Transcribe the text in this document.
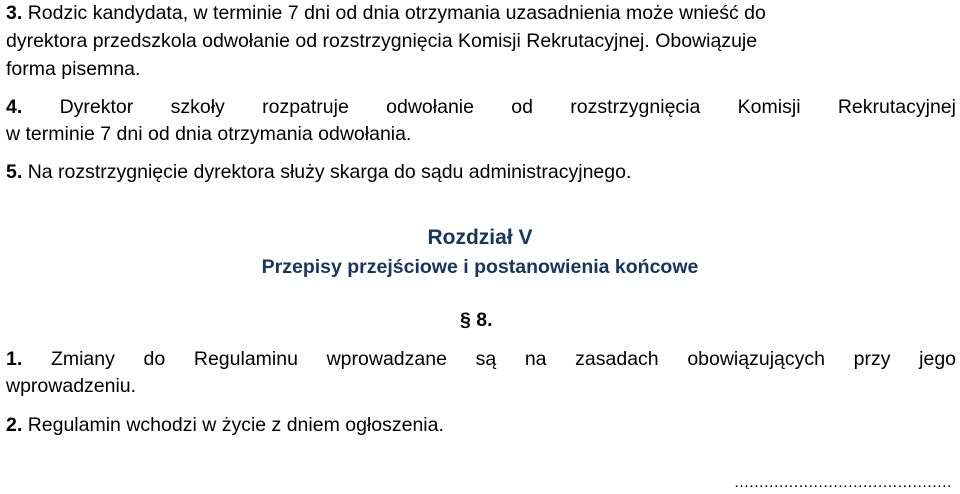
3. Rodzic kandydata, w terminie 7 dni od dnia otrzymania uzasadnienia może wnieść do
dyrektora przedszkola odwołanie od rozstrzygnięcia Komisji Rekrutacyjnej. Obowiązuje
forma pisemna.
4. Dyrektor szkoły rozpatruje odwołanie od rozstrzygnięcia Komisji Rekrutacyjnej
w terminie 7 dni od dnia otrzymania odwołania.
5. Na rozstrzygnięcie dyrektora służy skarga do sądu administracyjnego.
Rozdział V
Przepisy przejściowe i postanowienia końcowe
§ 8.
1. Zmiany do Regulaminu wprowadzane są na zasadach obowiązujących przy jego
wprowadzeniu.
2. Regulamin wchodzi w życie z dniem ogłoszenia.
............................................
